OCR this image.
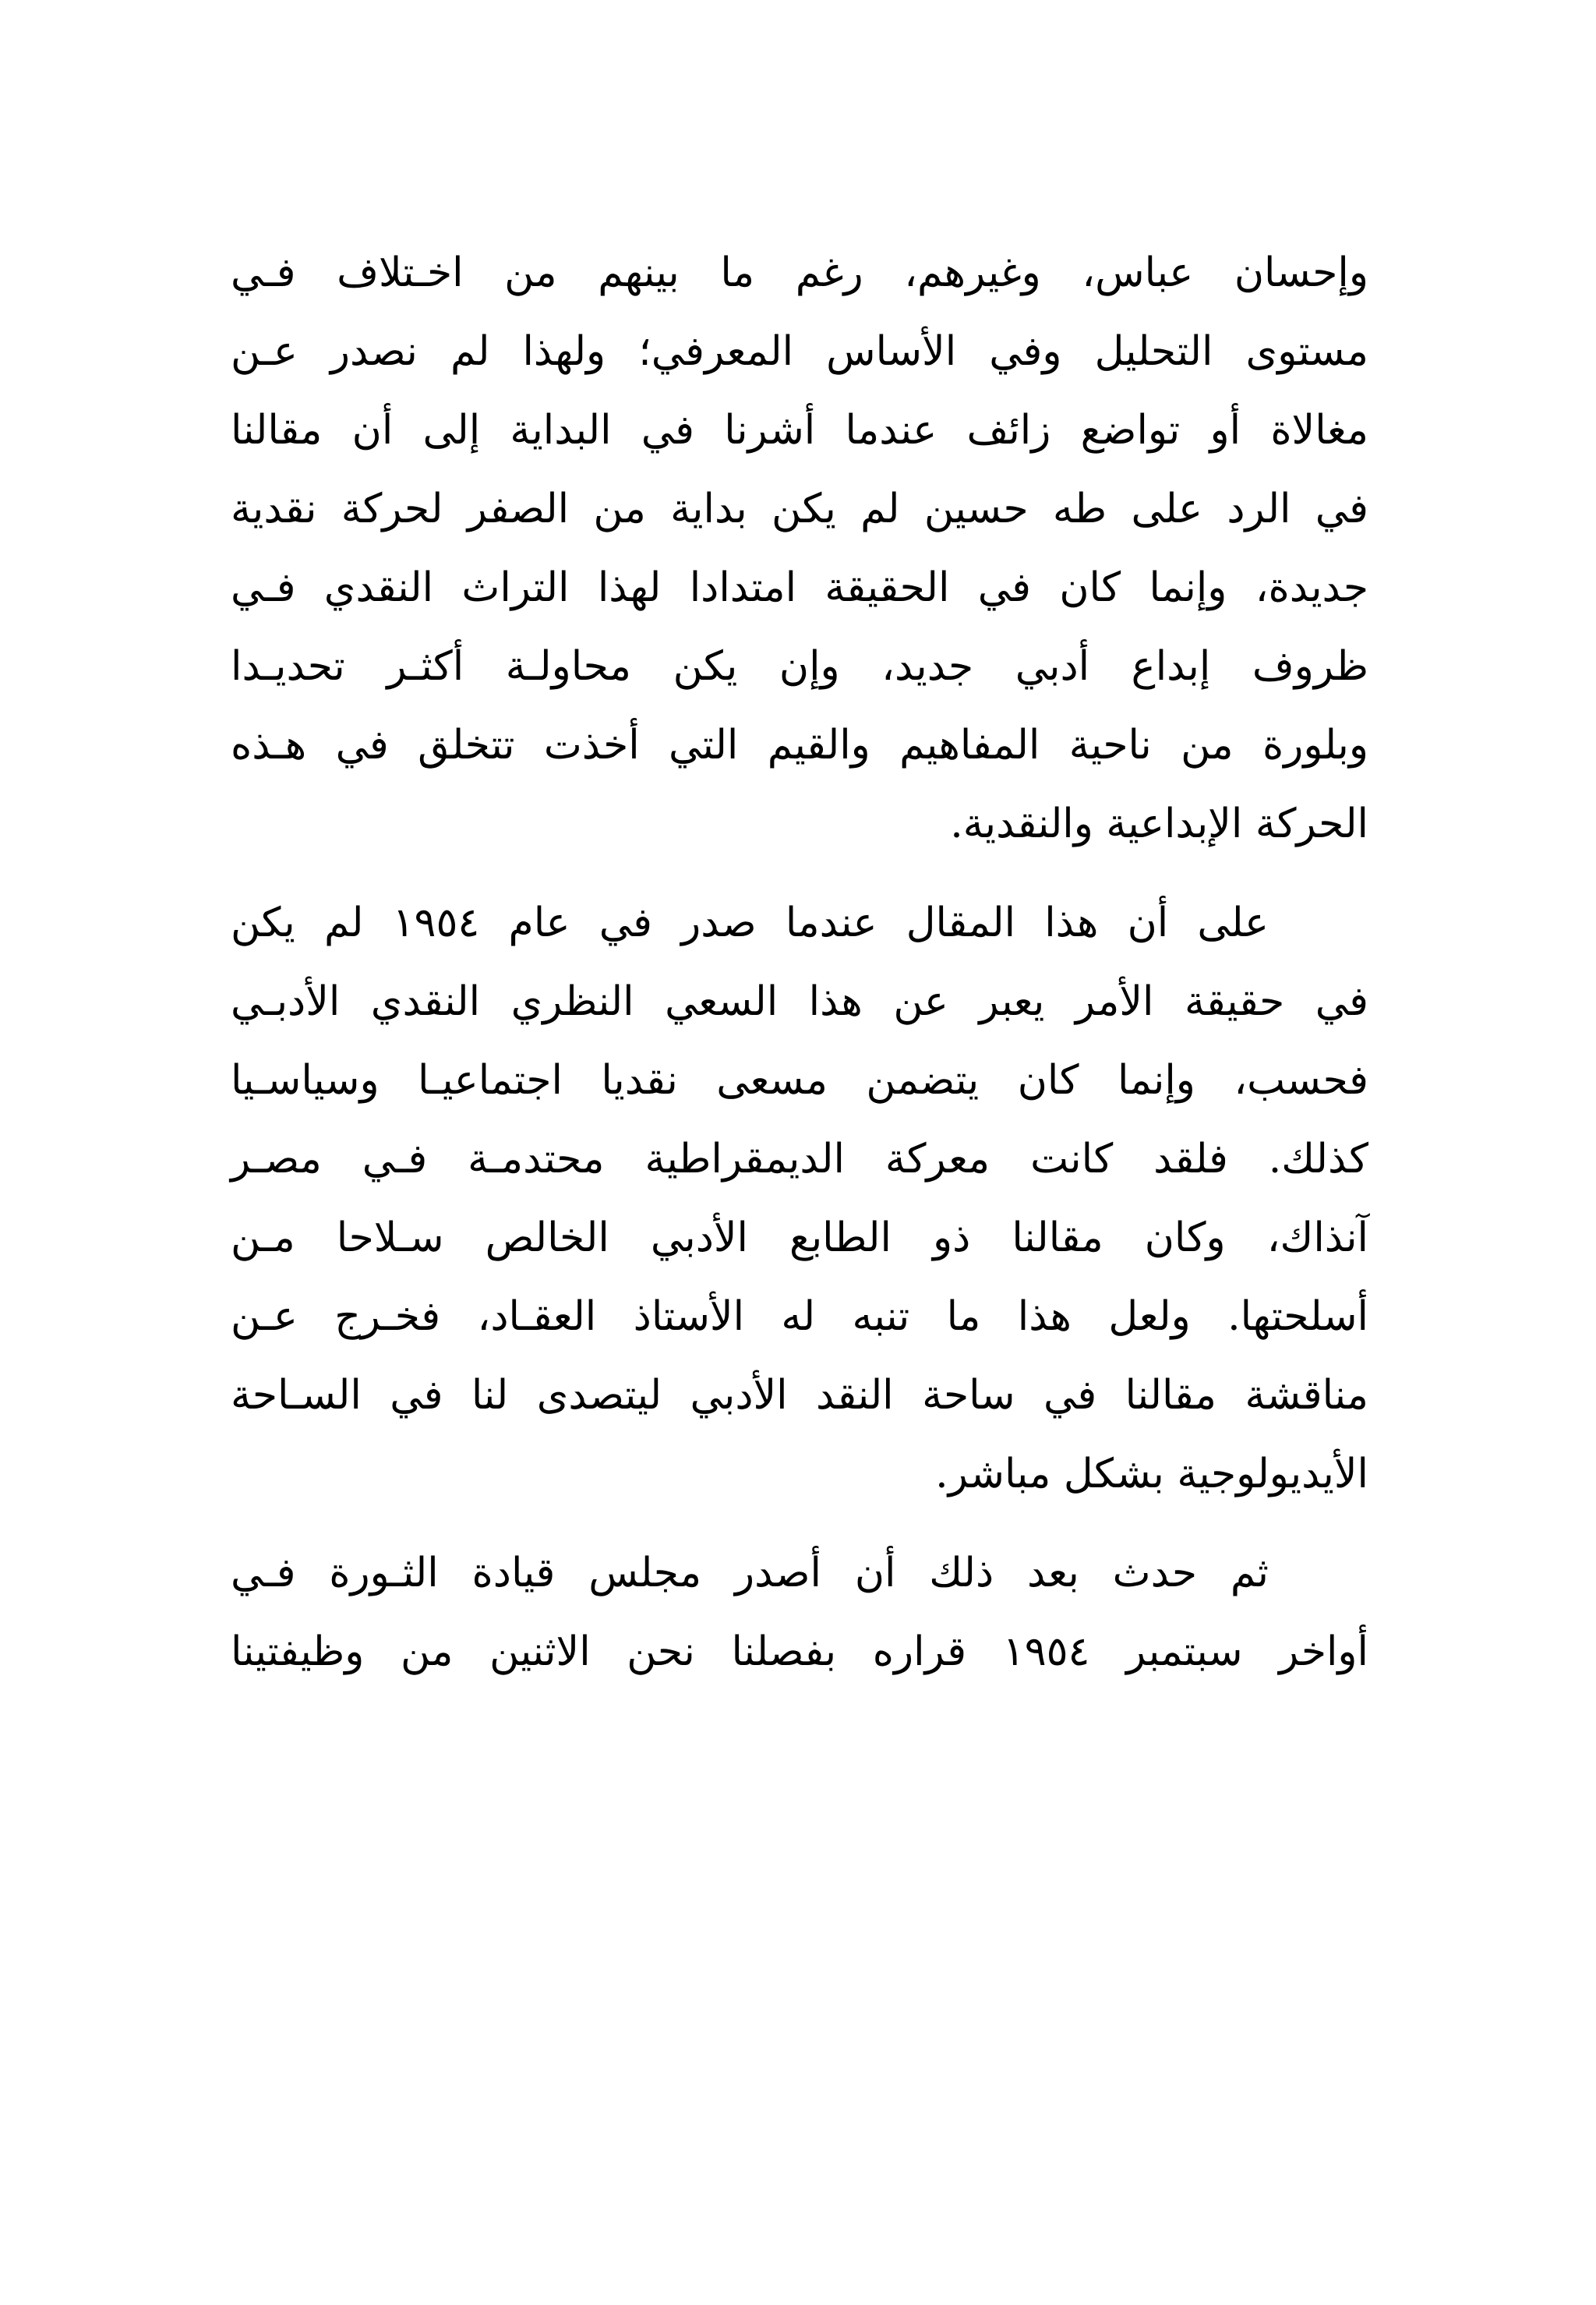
وإحسان عباس، وغيرهم، رغم ما بينهم من اخـتلاف فـي
مستوى التحليل وفي الأساس المعرفي؛ ولهذا لم نصدر عـن
مغالاة أو تواضع زائف عندما أشرنا في البداية إلى أن مقالنا
في الرد على طه حسين لم يكن بداية من الصفر لحركة نقدية
جديدة، وإنما كان في الحقيقة امتدادا لهذا التراث النقدي فـي
ظروف إبداع أدبي جديد، وإن يكن محاولـة أكثـر تحديـدا
وبلورة من ناحية المفاهيم والقيم التي أخذت تتخلق في هـذه
الحركة الإبداعية والنقدية.
على أن هذا المقال عندما صدر في عام ١٩٥٤ لم يكن
في حقيقة الأمر يعبر عن هذا السعي النظري النقدي الأدبـي
فحسب، وإنما كان يتضمن مسعى نقديا اجتماعيـا وسياسـيا
كذلك. فلقد كانت معركة الديمقراطية محتدمـة فـي مصـر
آنذاك، وكان مقالنا ذو الطابع الأدبي الخالص سـلاحا مـن
أسلحتها. ولعل هذا ما تنبه له الأستاذ العقـاد، فخـرج عـن
مناقشة مقالنا في ساحة النقد الأدبي ليتصدى لنا في السـاحة
الأيديولوجية بشكل مباشر.
ثم حدث بعد ذلك أن أصدر مجلس قيادة الثـورة فـي
أواخر سبتمبر ١٩٥٤ قراره بفصلنا نحن الاثنين من وظيفتينا
